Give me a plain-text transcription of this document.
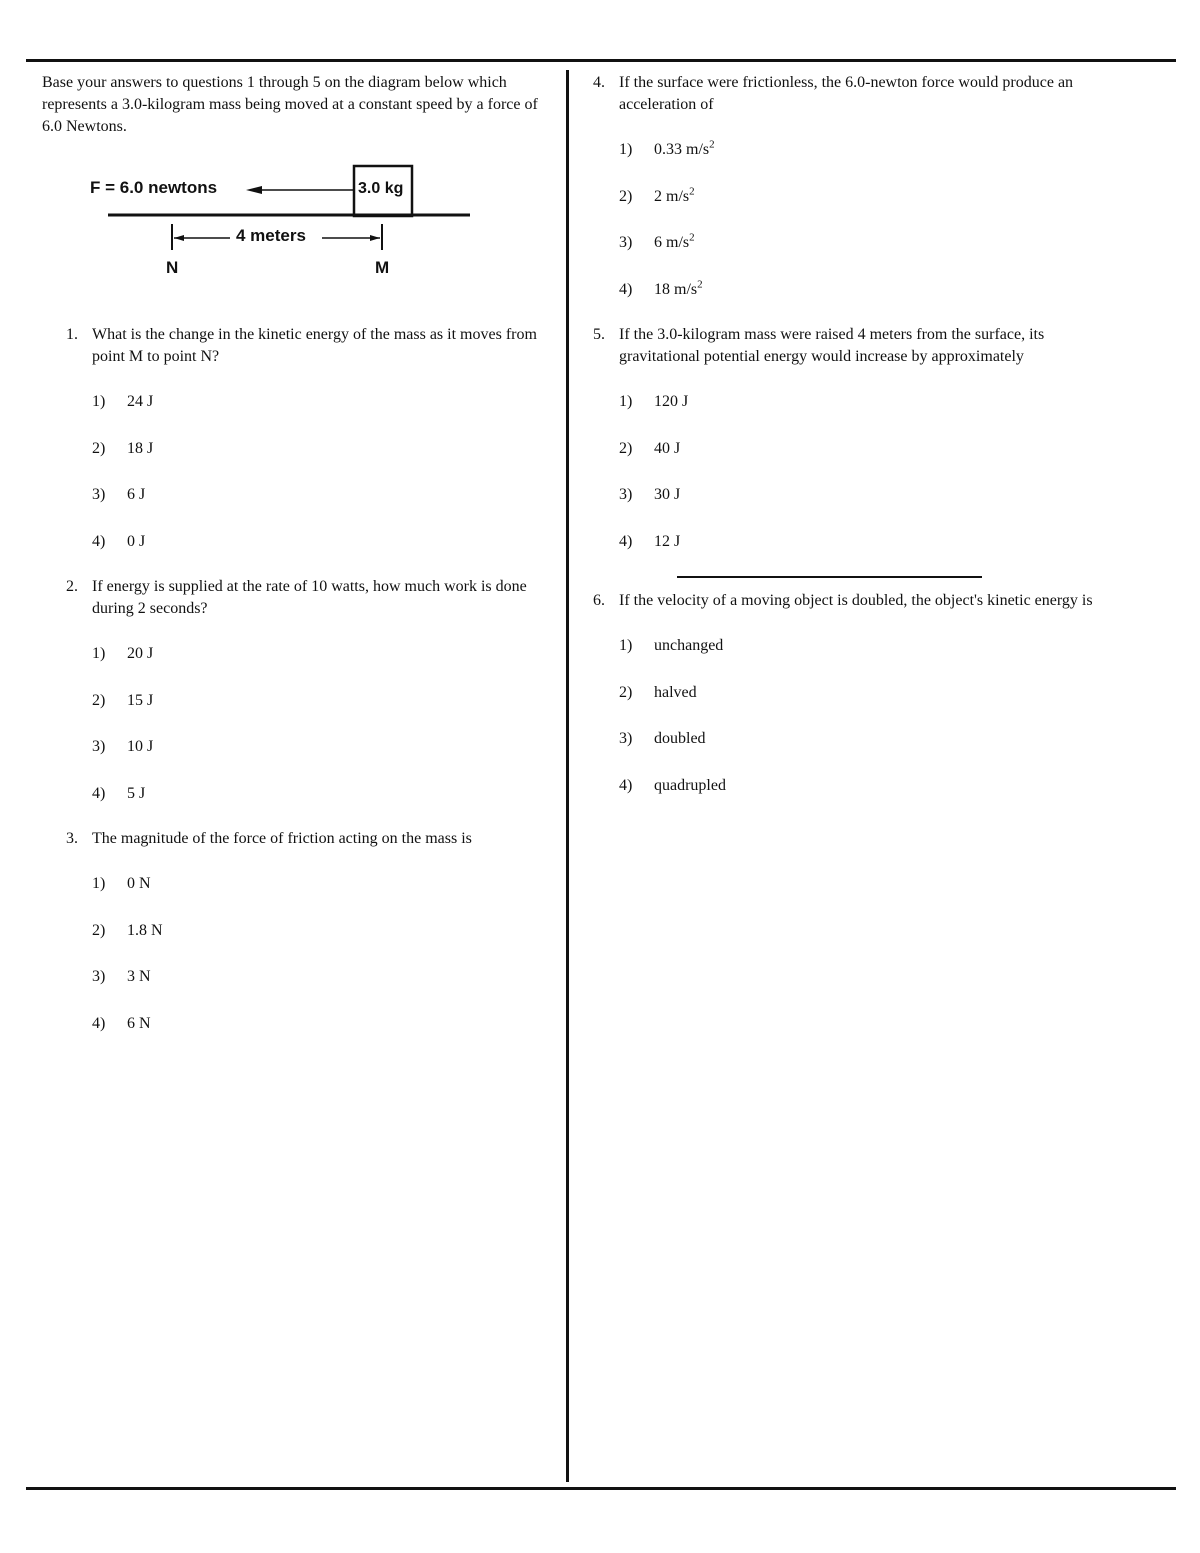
Base your answers to questions 1 through 5 on the diagram below which represents a 3.0-kilogram mass being moved at a constant speed by a force of 6.0 Newtons.

F = 6.0 newtons	3.0 kg
4 meters
N	M
1. What is the change in the kinetic energy of the mass as it moves from point M to point N?
1)	24 J
2)	18 J
3)	6 J
4)	0 J
2. If energy is supplied at the rate of 10 watts, how much work is done during 2 seconds?
1)	20 J
2)	15 J
3)	10 J
4)	5 J
3. The magnitude of the force of friction acting on the mass is
1)	0 N
2)	1.8 N
3)	3 N
4)	6 N
4. If the surface were frictionless, the 6.0-newton force would produce an acceleration of
1)	0.33 $m/s^2$
2)	2 $m/s^2$
3)	6 $m/s^2$
4)	18 $m/s^2$
5. If the 3.0-kilogram mass were raised 4 meters from the surface, its gravitational potential energy would increase by approximately
1)	120 J
2)	40 J
3)	30 J
4)	12 J
6. If the velocity of a moving object is doubled, the object's kinetic energy is
1)	unchanged
2)	halved
3)	doubled
4)	quadrupled
